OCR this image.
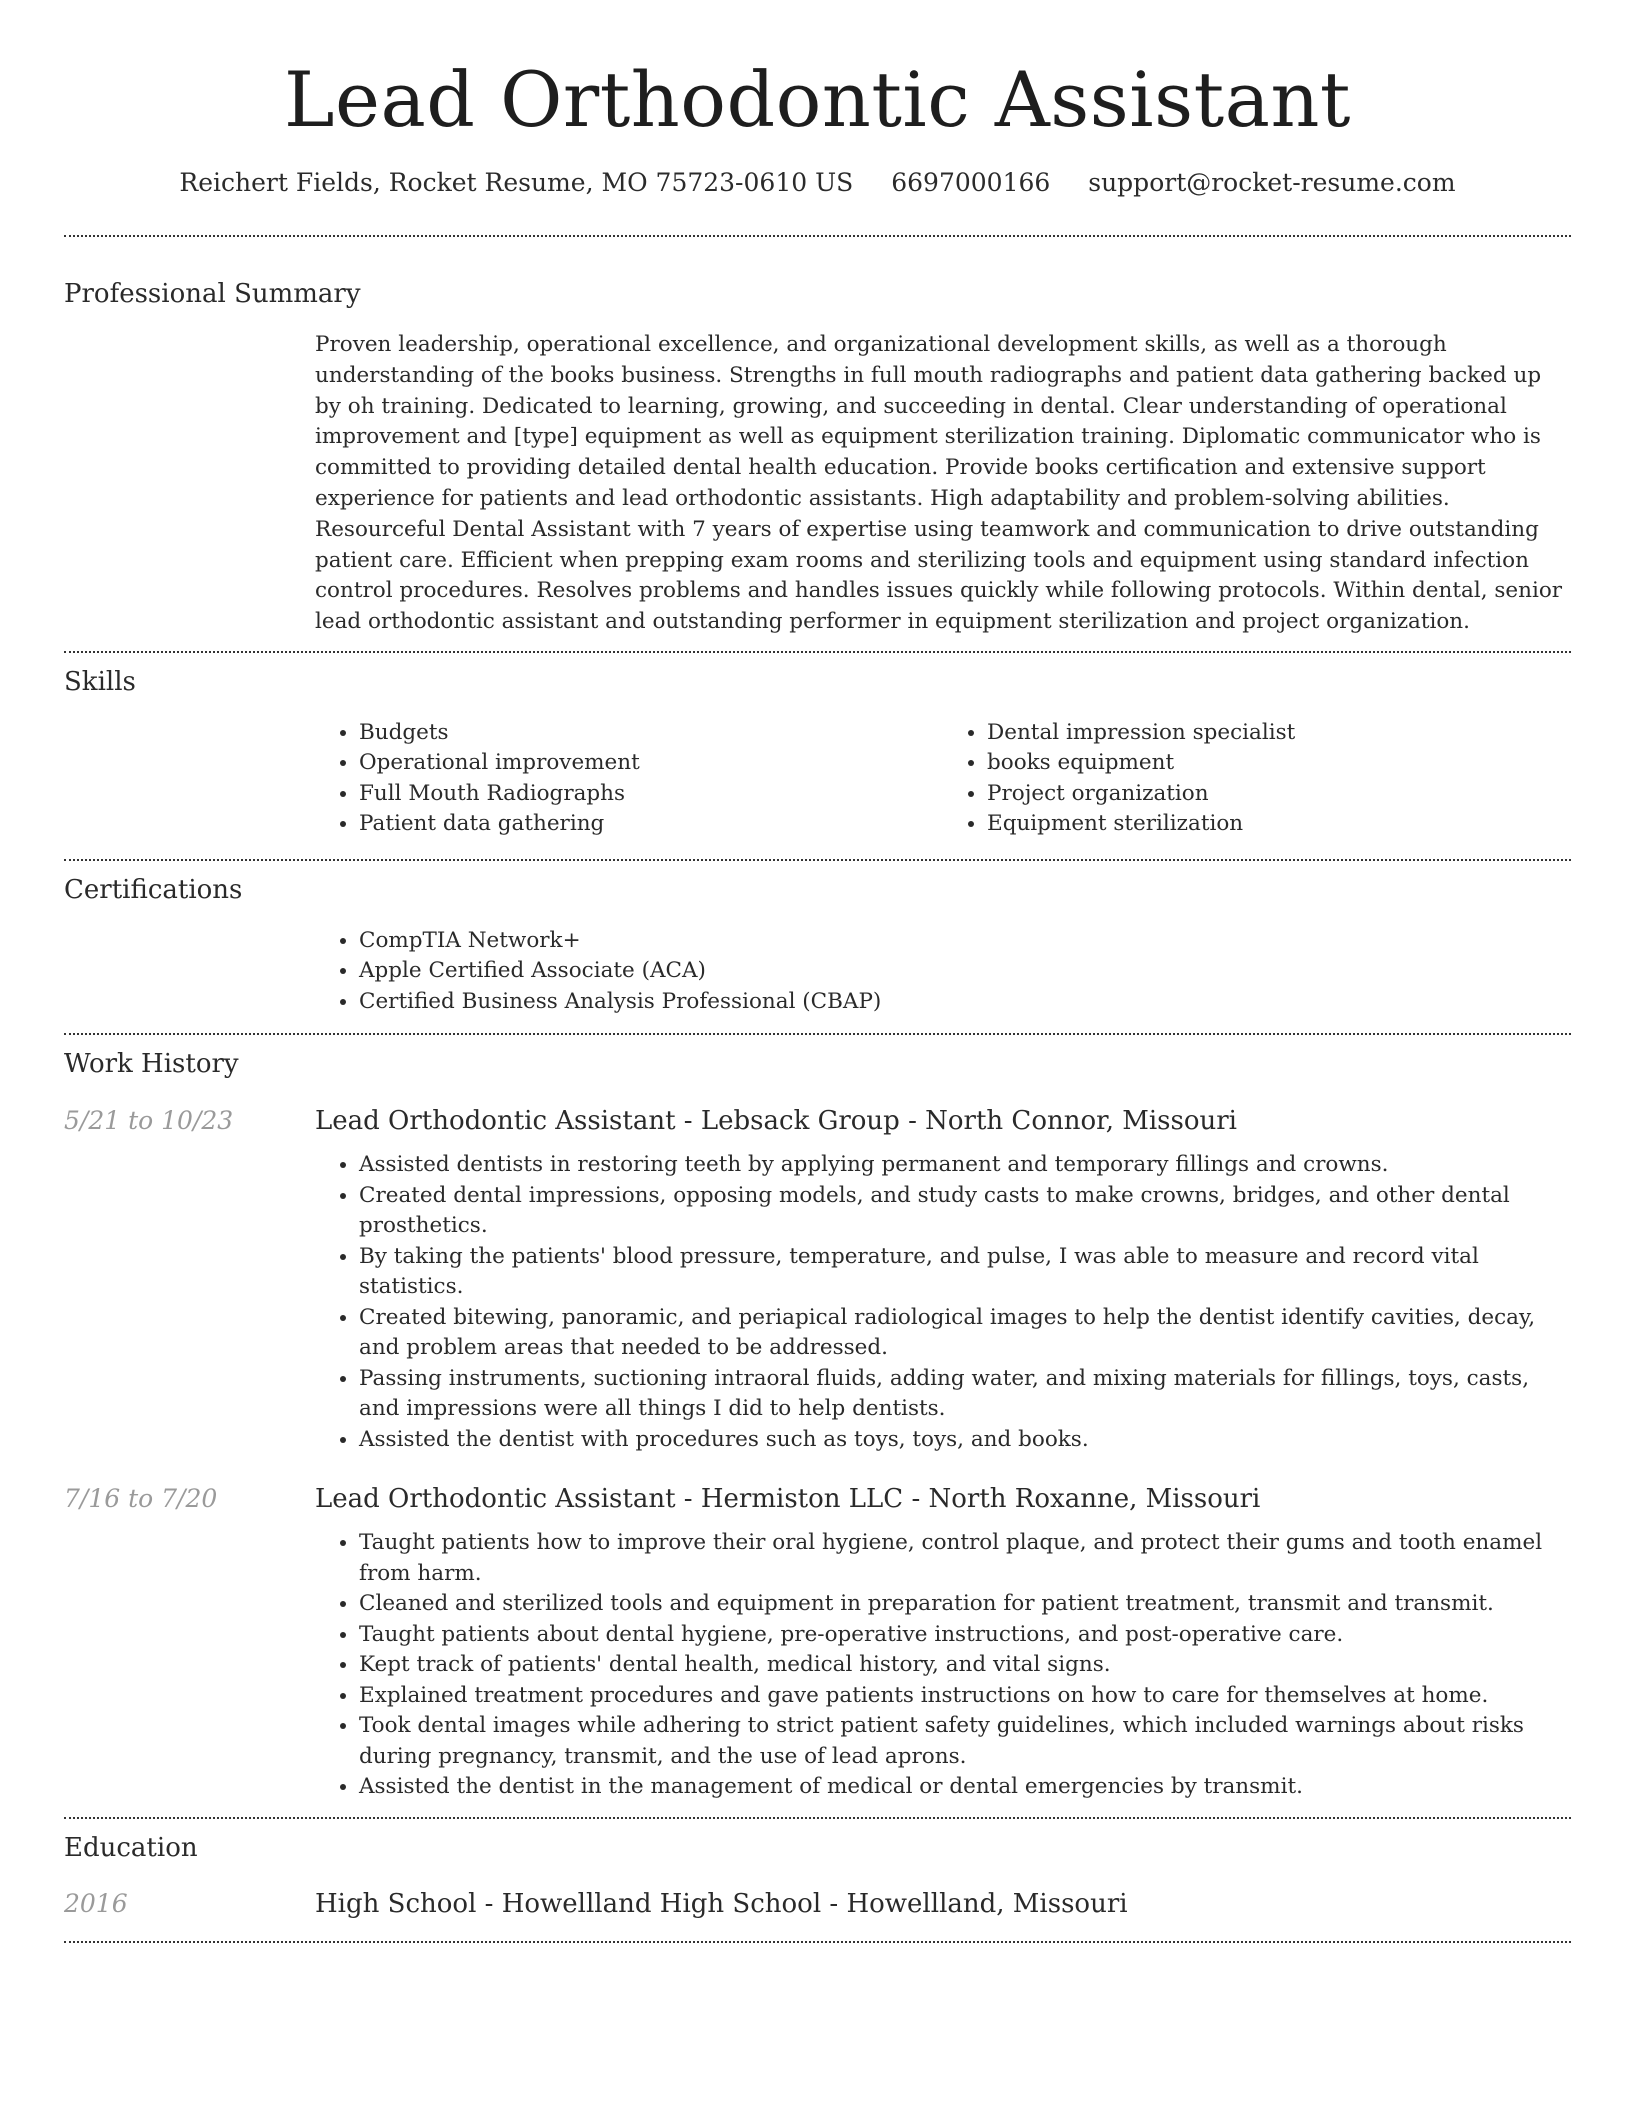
Lead Orthodontic Assistant
Reichert Fields, Rocket Resume, MO 75723-0610 US 6697000166 support@rocket-resume.com
Professional Summary
Proven leadership, operational excellence, and organizational development skills, as well as a thorough understanding of the books business. Strengths in full mouth radiographs and patient data gathering backed up by oh training. Dedicated to learning, growing, and succeeding in dental. Clear understanding of operational improvement and [type] equipment as well as equipment sterilization training. Diplomatic communicator who is committed to providing detailed dental health education. Provide books certification and extensive support experience for patients and lead orthodontic assistants. High adaptability and problem-solving abilities. Resourceful Dental Assistant with 7 years of expertise using teamwork and communication to drive outstanding patient care. Efficient when prepping exam rooms and sterilizing tools and equipment using standard infection control procedures. Resolves problems and handles issues quickly while following protocols. Within dental, senior lead orthodontic assistant and outstanding performer in equipment sterilization and project organization.
Skills
• Budgets
• Operational improvement
• Full Mouth Radiographs
• Patient data gathering
• Dental impression specialist
• books equipment
• Project organization
• Equipment sterilization
Certifications
• CompTIA Network+
• Apple Certified Associate (ACA)
• Certified Business Analysis Professional (CBAP)
Work History
5/21 to 10/23	Lead Orthodontic Assistant - Lebsack Group - North Connor, Missouri
• Assisted dentists in restoring teeth by applying permanent and temporary fillings and crowns.
• Created dental impressions, opposing models, and study casts to make crowns, bridges, and other dental prosthetics.
• By taking the patients' blood pressure, temperature, and pulse, I was able to measure and record vital statistics.
• Created bitewing, panoramic, and periapical radiological images to help the dentist identify cavities, decay, and problem areas that needed to be addressed.
• Passing instruments, suctioning intraoral fluids, adding water, and mixing materials for fillings, toys, casts, and impressions were all things I did to help dentists.
• Assisted the dentist with procedures such as toys, toys, and books.
7/16 to 7/20	Lead Orthodontic Assistant - Hermiston LLC - North Roxanne, Missouri
• Taught patients how to improve their oral hygiene, control plaque, and protect their gums and tooth enamel from harm.
• Cleaned and sterilized tools and equipment in preparation for patient treatment, transmit and transmit.
• Taught patients about dental hygiene, pre-operative instructions, and post-operative care.
• Kept track of patients' dental health, medical history, and vital signs.
• Explained treatment procedures and gave patients instructions on how to care for themselves at home.
• Took dental images while adhering to strict patient safety guidelines, which included warnings about risks during pregnancy, transmit, and the use of lead aprons.
• Assisted the dentist in the management of medical or dental emergencies by transmit.
Education
2016	High School - Howellland High School - Howellland, Missouri
